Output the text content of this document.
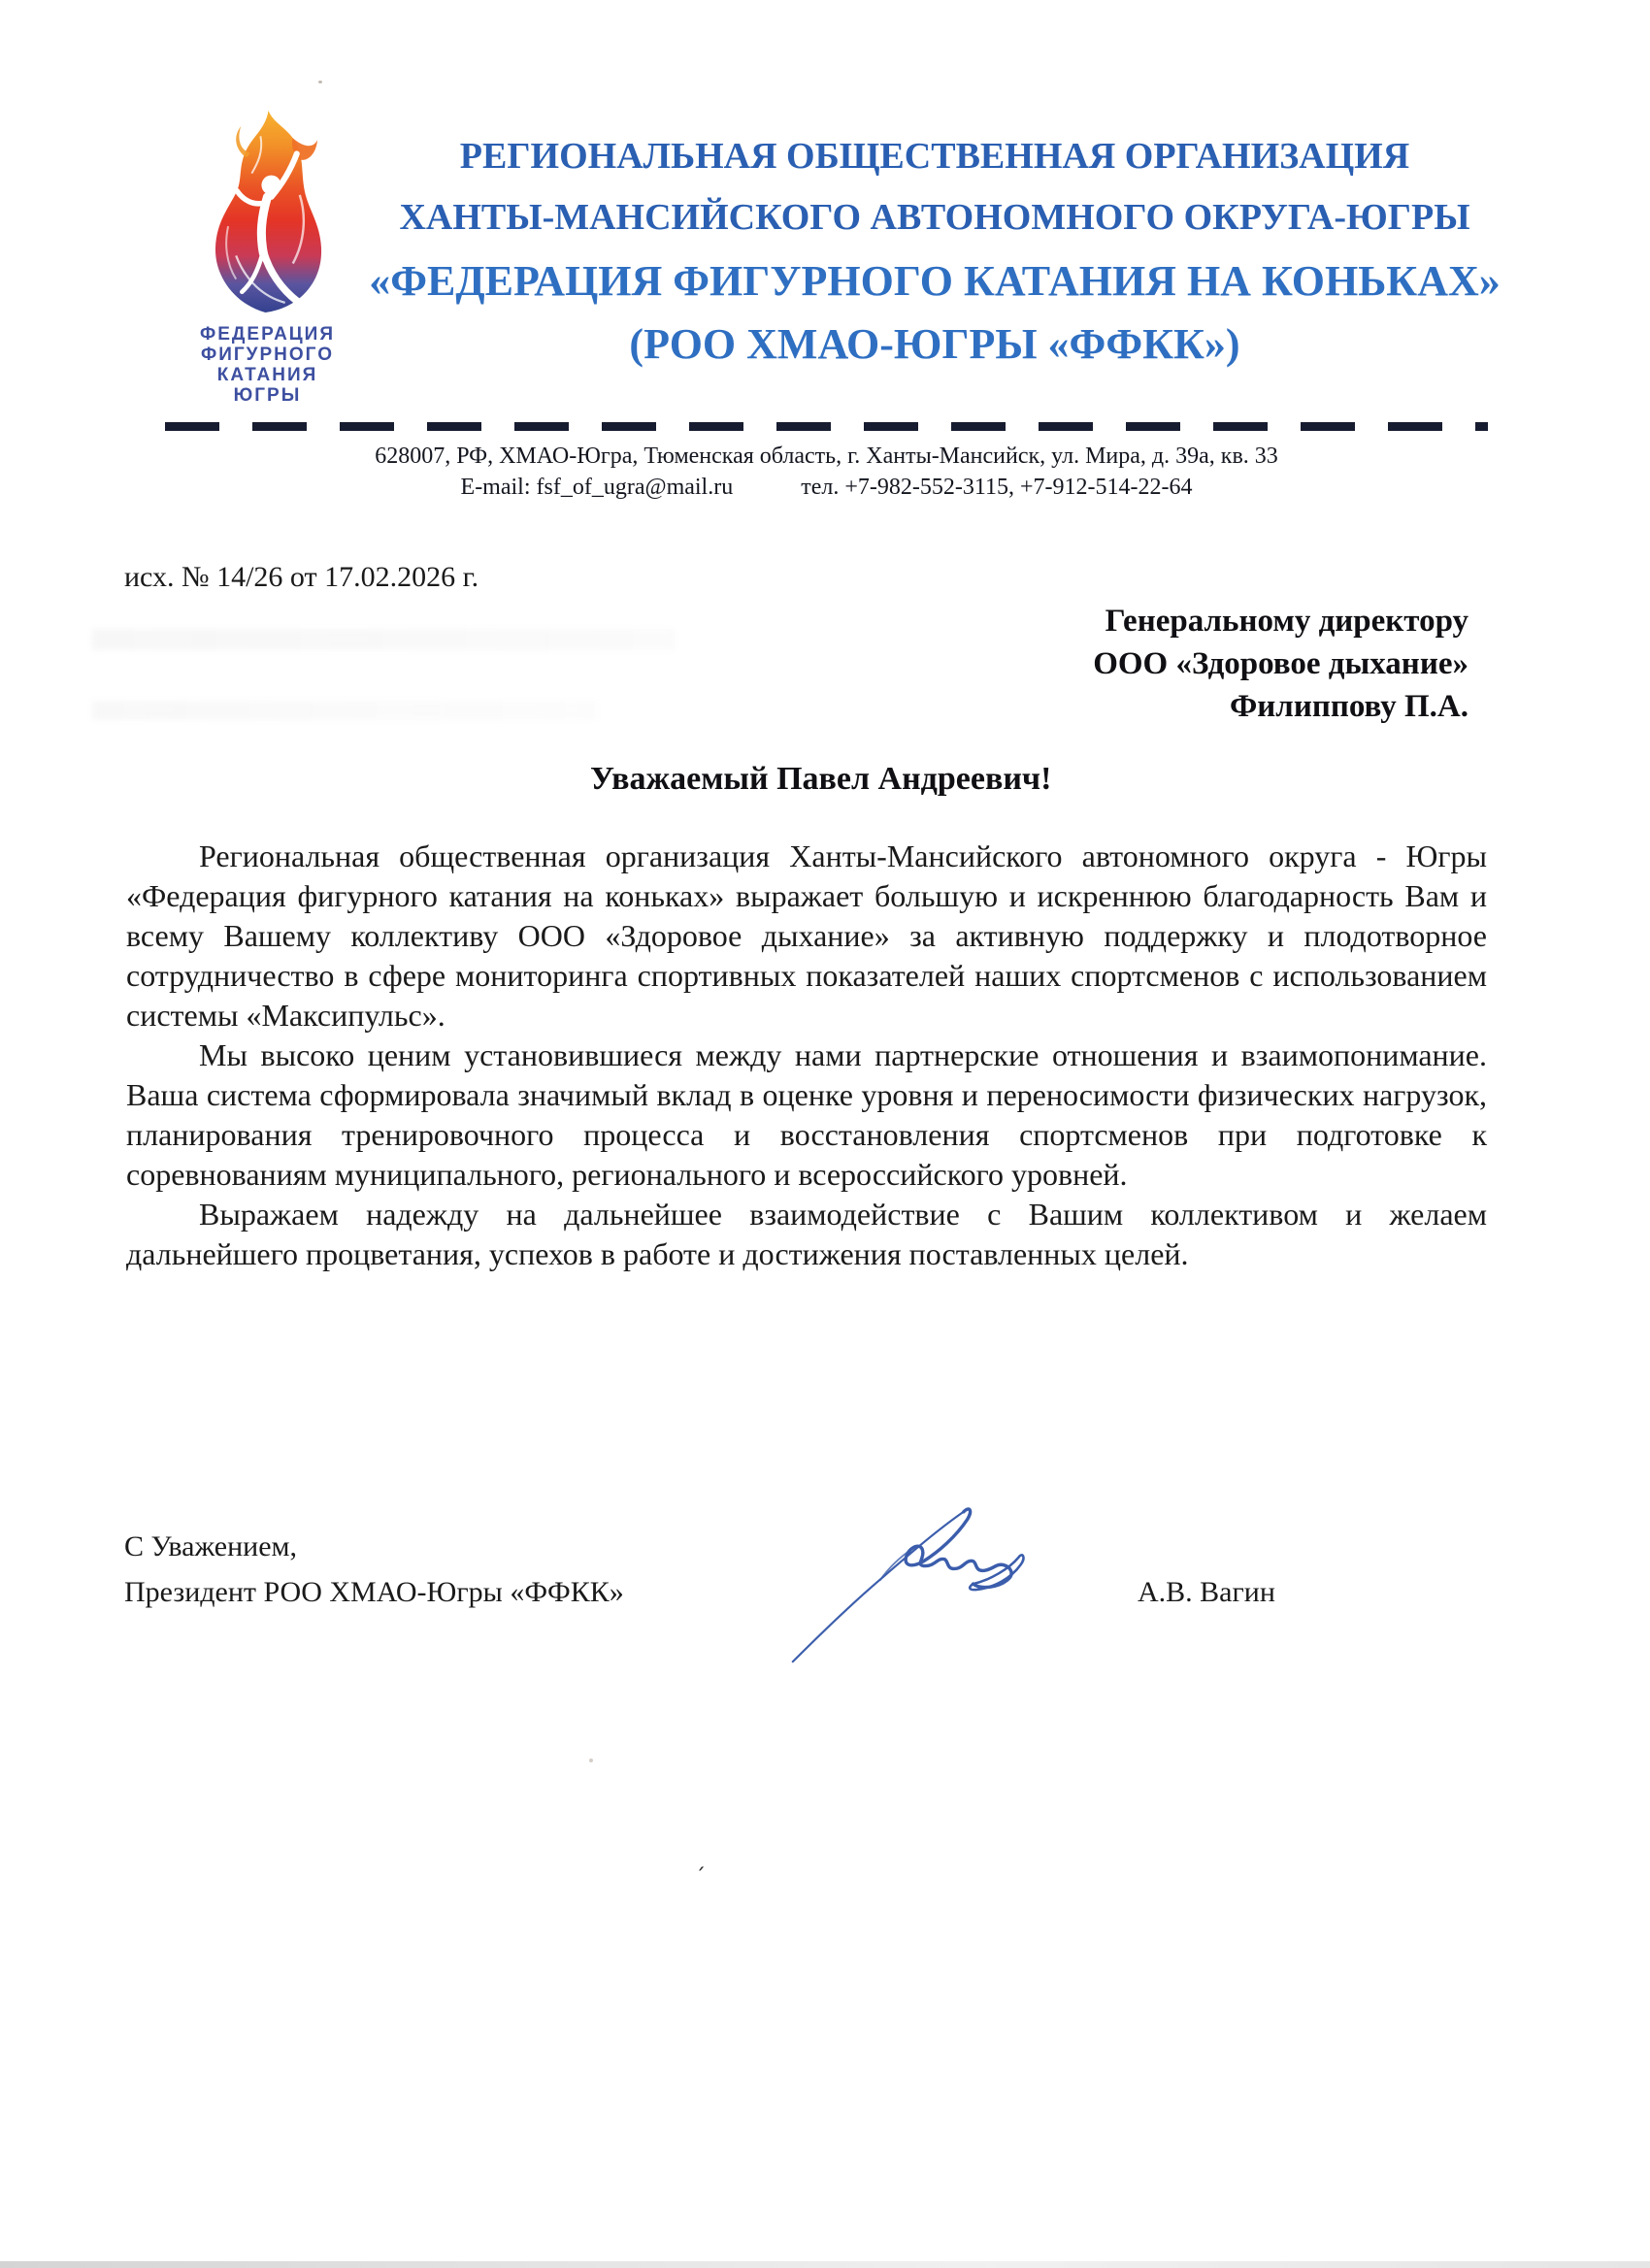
ФЕДЕРАЦИЯ
ФИГУРНОГО
КАТАНИЯ
ЮГРЫ
РЕГИОНАЛЬНАЯ ОБЩЕСТВЕННАЯ ОРГАНИЗАЦИЯ
ХАНТЫ-МАНСИЙСКОГО АВТОНОМНОГО ОКРУГА-ЮГРЫ
«ФЕДЕРАЦИЯ ФИГУРНОГО КАТАНИЯ НА КОНЬКАХ»
(РОО ХМАО-ЮГРЫ «ФФКК»)
628007, РФ, ХМАО-Югра, Тюменская область, г. Ханты-Мансийск, ул. Мира, д. 39а, кв. 33
E-mail: fsf_of_ugra@mail.ru	тел. +7-982-552-3115, +7-912-514-22-64
исх. № 14/26 от 17.02.2026 г.
Генеральному директору
ООО «Здоровое дыхание»
Филиппову П.А.
Уважаемый Павел Андреевич!

Региональная общественная организация Ханты-Мансийского автономного округа - Югры «Федерация фигурного катания на коньках» выражает большую и искреннюю благодарность Вам и всему Вашему коллективу ООО «Здоровое дыхание» за активную поддержку и плодотворное сотрудничество в сфере мониторинга спортивных показателей наших спортсменов с использованием системы «Максипульс».

Мы высоко ценим установившиеся между нами партнерские отношения и взаимопонимание. Ваша система сформировала значимый вклад в оценке уровня и переносимости физических нагрузок, планирования тренировочного процесса и восстановления спортсменов при подготовке к соревнованиям муниципального, регионального и всероссийского уровней.

Выражаем надежду на дальнейшее взаимодействие с Вашим коллективом и желаем дальнейшего процветания, успехов в работе и достижения поставленных целей.

С Уважением,
Президент РОО ХМАО-Югры «ФФКК»	А.В. Вагин
ˏ
